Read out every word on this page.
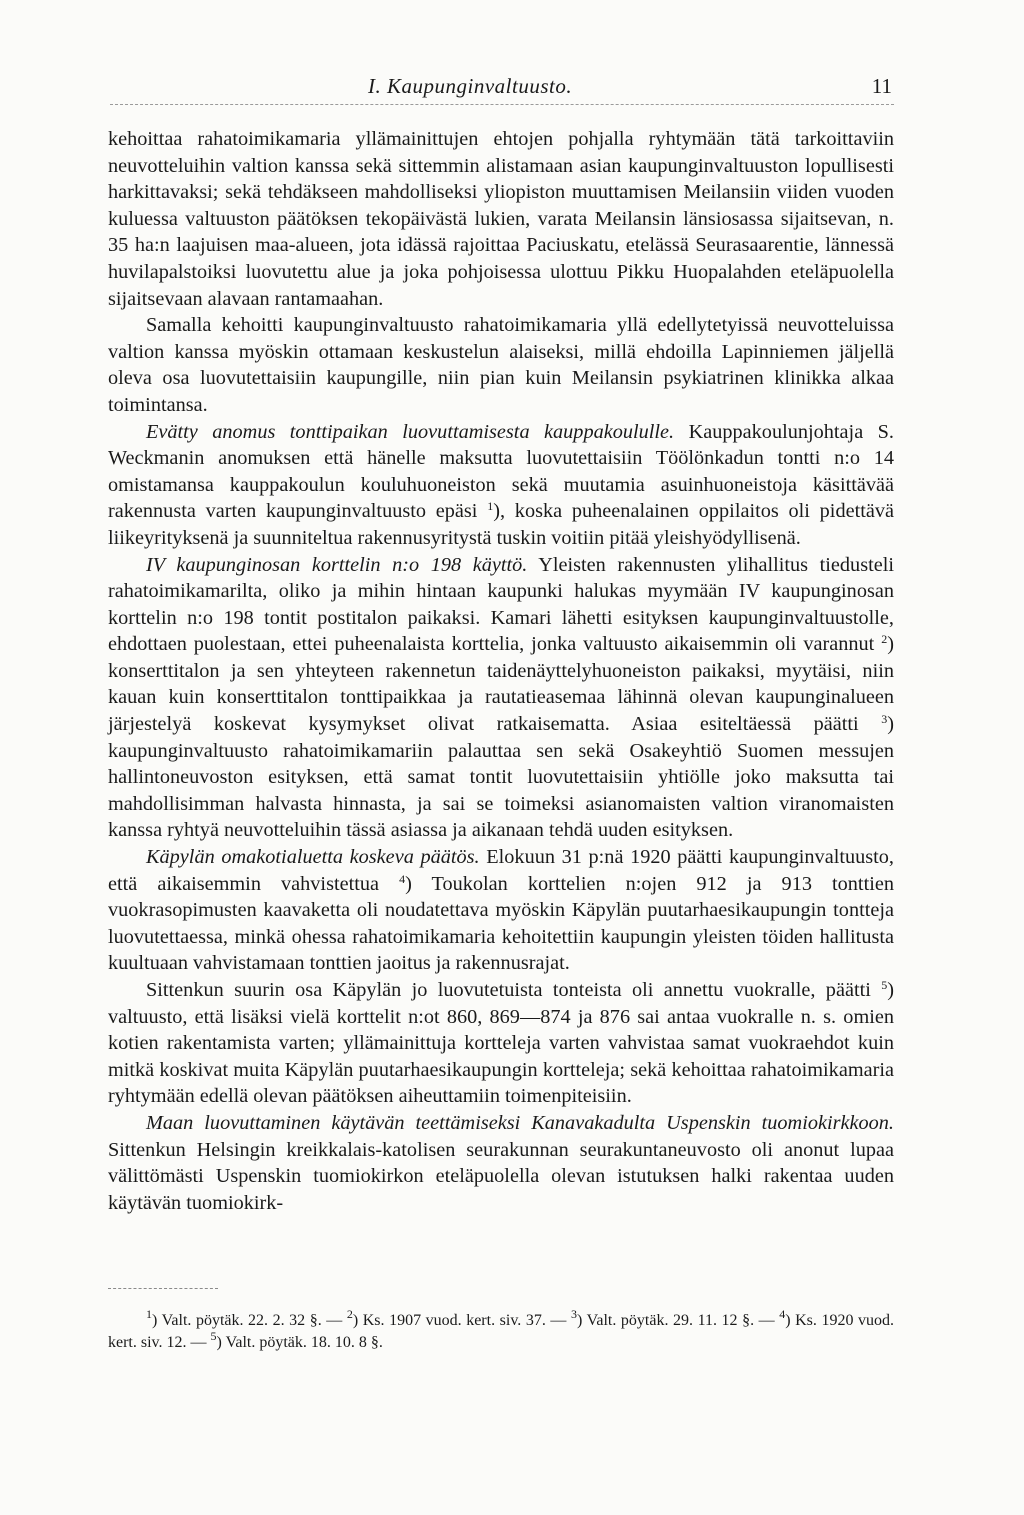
I. Kaupunginvaltuusto.	11

kehoittaa rahatoimikamaria yllämainittujen ehtojen pohjalla ryhtymään tätä tarkoittaviin neuvotteluihin valtion kanssa sekä sittemmin alistamaan asian kaupunginvaltuuston lopullisesti harkittavaksi; sekä tehdäkseen mahdolliseksi yliopiston muuttamisen Meilansiin viiden vuoden kuluessa valtuuston päätöksen tekopäivästä lukien, varata Meilansin länsiosassa sijaitsevan, n. 35 ha:n laajuisen maa-alueen, jota idässä rajoittaa Paciuskatu, etelässä Seurasaarentie, lännessä huvilapalstoiksi luovutettu alue ja joka pohjoisessa ulottuu Pikku Huopalahden eteläpuolella sijaitsevaan alavaan rantamaahan.

Samalla kehoitti kaupunginvaltuusto rahatoimikamaria yllä edellytetyissä neuvotteluissa valtion kanssa myöskin ottamaan keskustelun alaiseksi, millä ehdoilla Lapinniemen jäljellä oleva osa luovutettaisiin kaupungille, niin pian kuin Meilansin psykiatrinen klinikka alkaa toimintansa.

Evätty anomus tonttipaikan luovuttamisesta kauppakoululle. Kauppakoulunjohtaja S. Weckmanin anomuksen että hänelle maksutta luovutettaisiin Töölönkadun tontti n:o 14 omistamansa kauppakoulun kouluhuoneiston sekä muutamia asuinhuoneistoja käsittävää rakennusta varten kaupunginvaltuusto epäsi $^1$), koska puheenalainen oppilaitos oli pidettävä liikeyrityksenä ja suunniteltua rakennusyritystä tuskin voitiin pitää yleishyödyllisenä.

IV kaupunginosan korttelin n:o 198 käyttö. Yleisten rakennusten ylihallitus tiedusteli rahatoimikamarilta, oliko ja mihin hintaan kaupunki halukas myymään IV kaupunginosan korttelin n:o 198 tontit postitalon paikaksi. Kamari lähetti esityksen kaupunginvaltuustolle, ehdottaen puolestaan, ettei puheenalaista korttelia, jonka valtuusto aikaisemmin oli varannut $^2$) konserttitalon ja sen yhteyteen rakennetun taidenäyttelyhuoneiston paikaksi, myytäisi, niin kauan kuin konserttitalon tonttipaikkaa ja rautatieasemaa lähinnä olevan kaupunginalueen järjestelyä koskevat kysymykset olivat ratkaisematta. Asiaa esiteltäessä päätti $^3$) kaupunginvaltuusto rahatoimikamariin palauttaa sen sekä Osakeyhtiö Suomen messujen hallintoneuvoston esityksen, että samat tontit luovutettaisiin yhtiölle joko maksutta tai mahdollisimman halvasta hinnasta, ja sai se toimeksi asianomaisten valtion viranomaisten kanssa ryhtyä neuvotteluihin tässä asiassa ja aikanaan tehdä uuden esityksen.

Käpylän omakotialuetta koskeva päätös. Elokuun 31 p:nä 1920 päätti kaupunginvaltuusto, että aikaisemmin vahvistettua $^4$) Toukolan korttelien n:ojen 912 ja 913 tonttien vuokrasopimusten kaavaketta oli noudatettava myöskin Käpylän puutarhaesikaupungin tontteja luovutettaessa, minkä ohessa rahatoimikamaria kehoitettiin kaupungin yleisten töiden hallitusta kuultuaan vahvistamaan tonttien jaoitus ja rakennusrajat.

Sittenkun suurin osa Käpylän jo luovutetuista tonteista oli annettu vuokralle, päätti $^5$) valtuusto, että lisäksi vielä korttelit n:ot 860, 869—874 ja 876 sai antaa vuokralle n. s. omien kotien rakentamista varten; yllämainittuja kortteleja varten vahvistaa samat vuokraehdot kuin mitkä koskivat muita Käpylän puutarhaesikaupungin kortteleja; sekä kehoittaa rahatoimikamaria ryhtymään edellä olevan päätöksen aiheuttamiin toimenpiteisiin.

Maan luovuttaminen käytävän teettämiseksi Kanavakadulta Uspenskin tuomiokirkkoon. Sittenkun Helsingin kreikkalais-katolisen seurakunnan seurakuntaneuvosto oli anonut lupaa välittömästi Uspenskin tuomiokirkon eteläpuolella olevan istutuksen halki rakentaa uuden käytävän tuomiokirk-

$^1$) Valt. pöytäk. 22. 2. 32 §. — $^2$) Ks. 1907 vuod. kert. siv. 37. — $^3$) Valt. pöytäk. 29. 11. 12 §. — $^4$) Ks. 1920 vuod. kert. siv. 12. — $^5$) Valt. pöytäk. 18. 10. 8 §.
